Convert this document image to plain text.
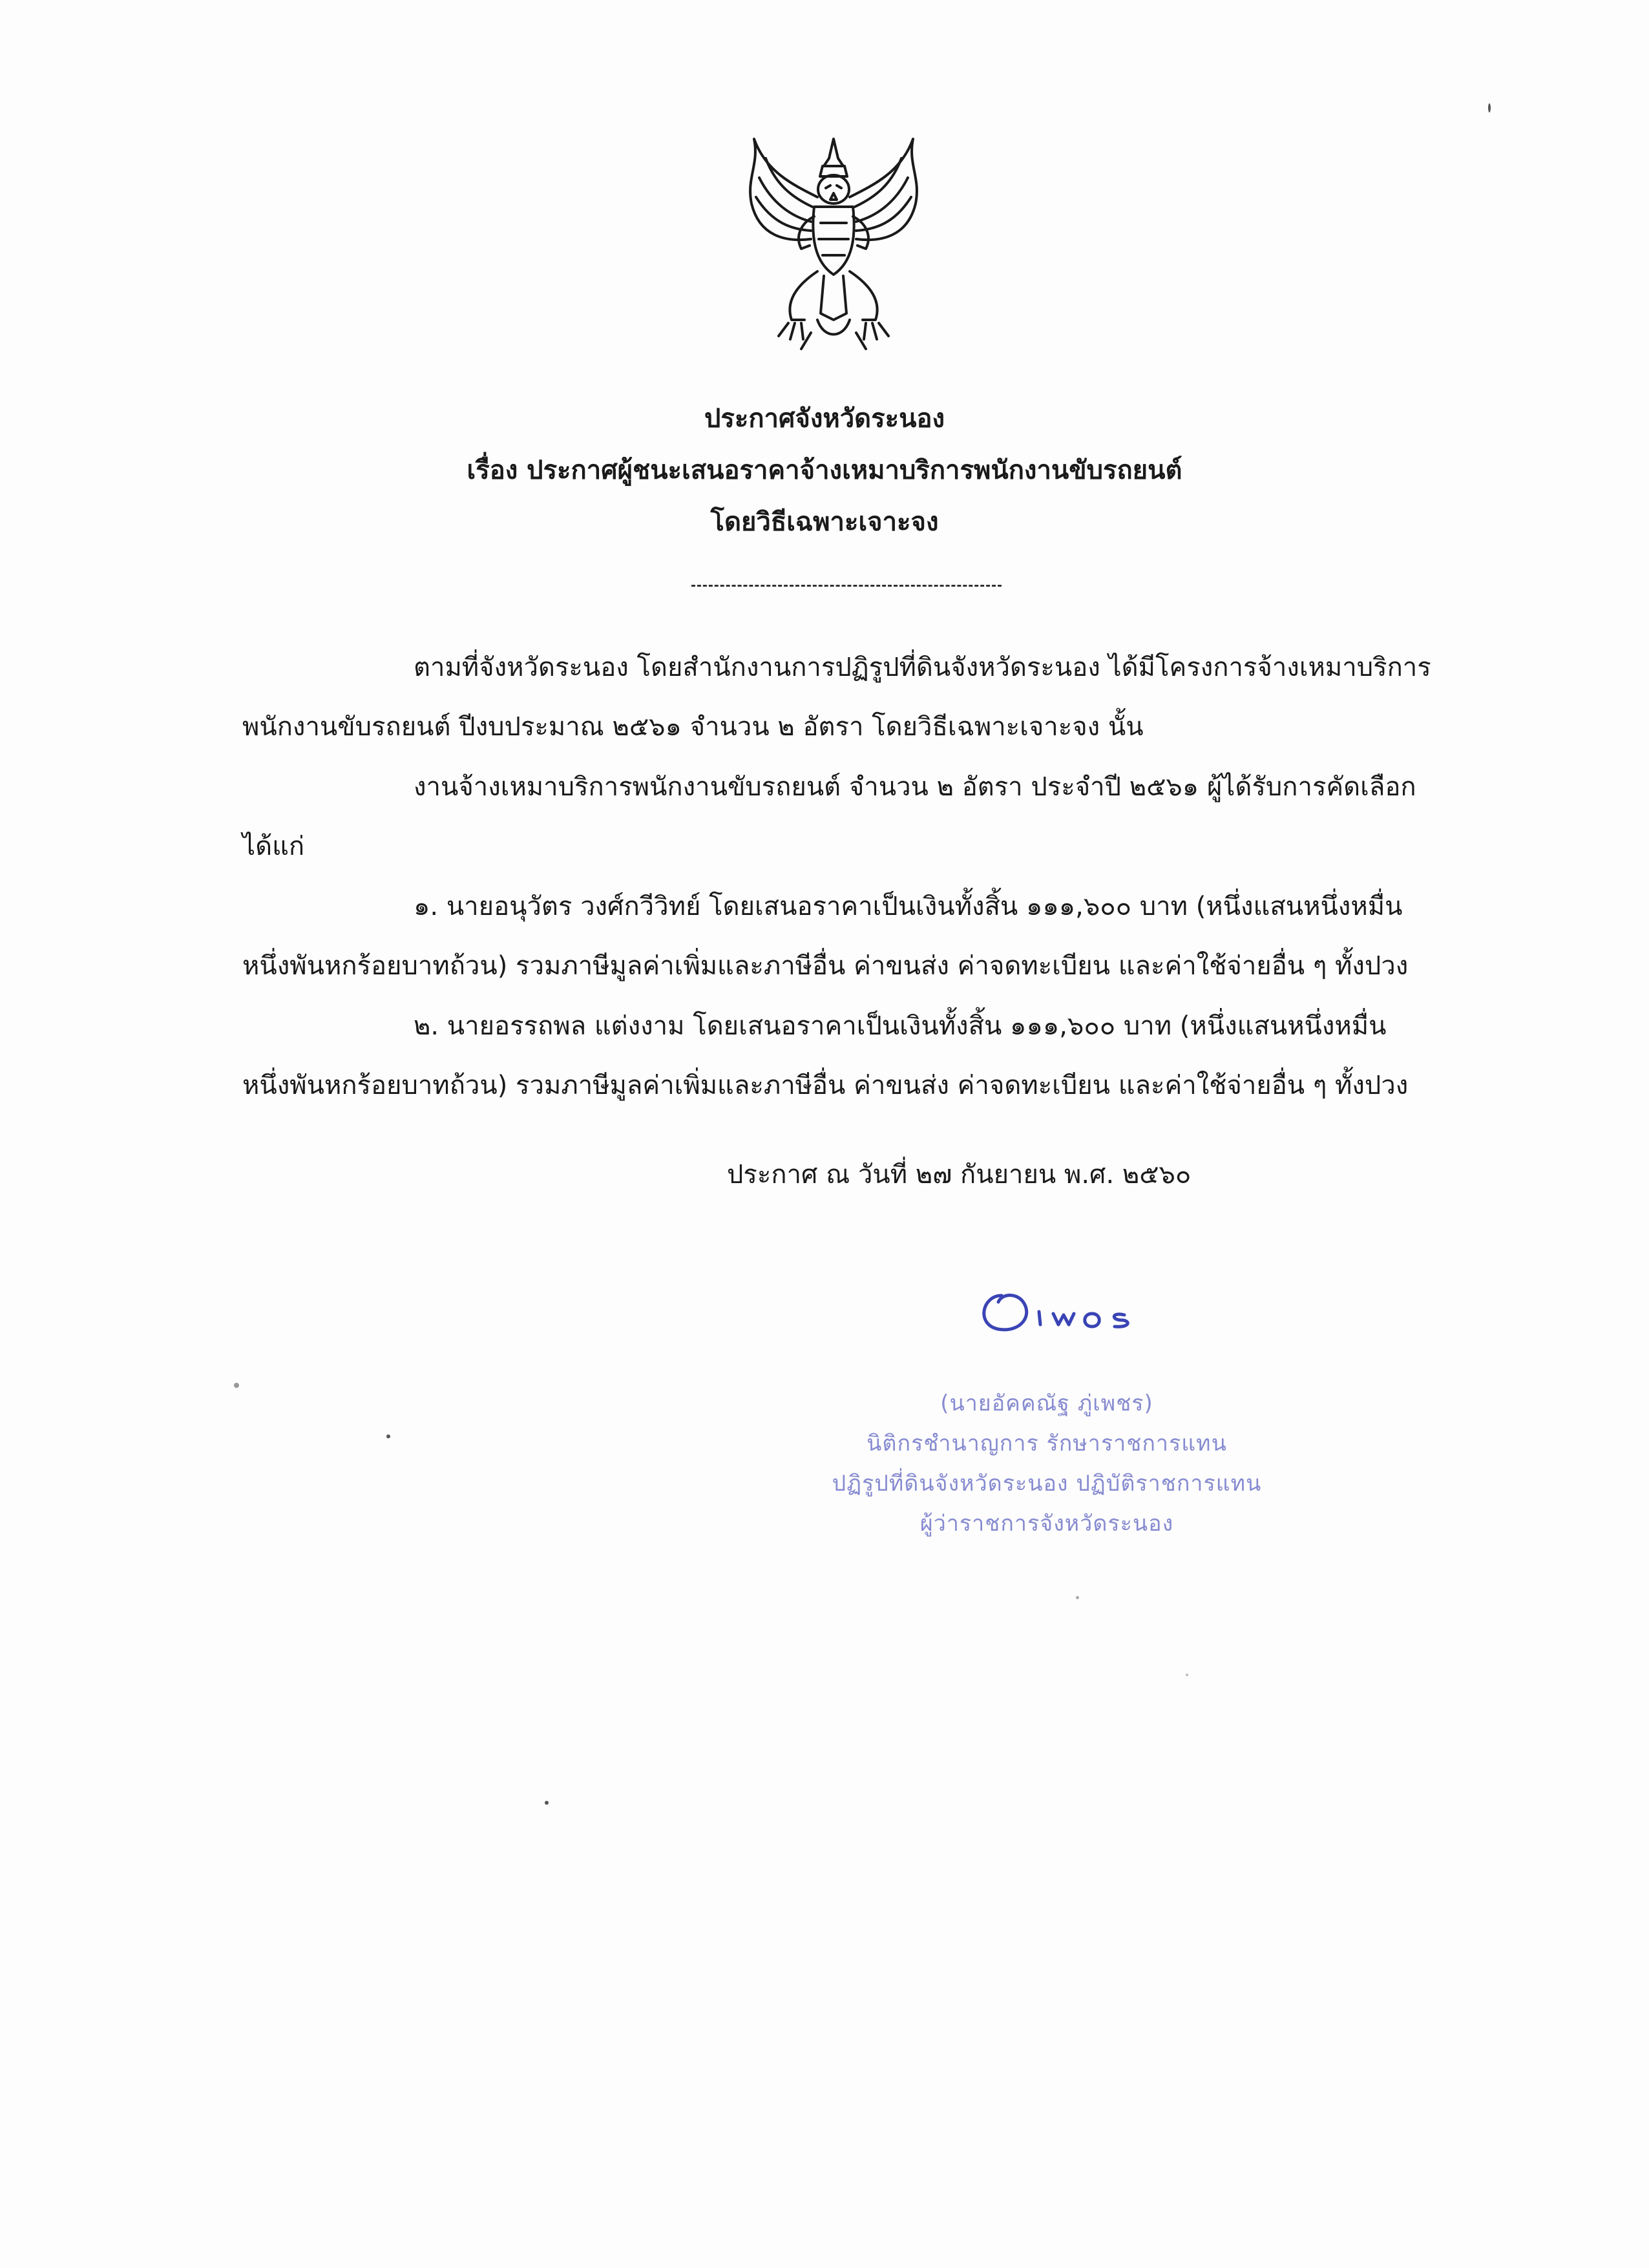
ประกาศจังหวัดระนอง
เรื่อง ประกาศผู้ชนะเสนอราคาจ้างเหมาบริการพนักงานขับรถยนต์
โดยวิธีเฉพาะเจาะจง
ตามที่จังหวัดระนอง โดยสำนักงานการปฏิรูปที่ดินจังหวัดระนอง ได้มีโครงการจ้างเหมาบริการ
พนักงานขับรถยนต์ ปีงบประมาณ ๒๕๖๑ จำนวน ๒ อัตรา โดยวิธีเฉพาะเจาะจง นั้น
งานจ้างเหมาบริการพนักงานขับรถยนต์ จำนวน ๒ อัตรา ประจำปี ๒๕๖๑ ผู้ได้รับการคัดเลือก
ได้แก่
๑. นายอนุวัตร วงศ์กวีวิทย์ โดยเสนอราคาเป็นเงินทั้งสิ้น ๑๑๑,๖๐๐ บาท (หนึ่งแสนหนึ่งหมื่น
หนึ่งพันหกร้อยบาทถ้วน) รวมภาษีมูลค่าเพิ่มและภาษีอื่น ค่าขนส่ง ค่าจดทะเบียน และค่าใช้จ่ายอื่น ๆ ทั้งปวง
๒. นายอรรถพล แต่งงาม โดยเสนอราคาเป็นเงินทั้งสิ้น ๑๑๑,๖๐๐ บาท (หนึ่งแสนหนึ่งหมื่น
หนึ่งพันหกร้อยบาทถ้วน) รวมภาษีมูลค่าเพิ่มและภาษีอื่น ค่าขนส่ง ค่าจดทะเบียน และค่าใช้จ่ายอื่น ๆ ทั้งปวง
ประกาศ ณ วันที่ ๒๗ กันยายน พ.ศ. ๒๕๖๐
(นายอัคคณัฐ ภู่เพชร)
นิติกรชำนาญการ รักษาราชการแทน
ปฏิรูปที่ดินจังหวัดระนอง ปฏิบัติราชการแทน
ผู้ว่าราชการจังหวัดระนอง
